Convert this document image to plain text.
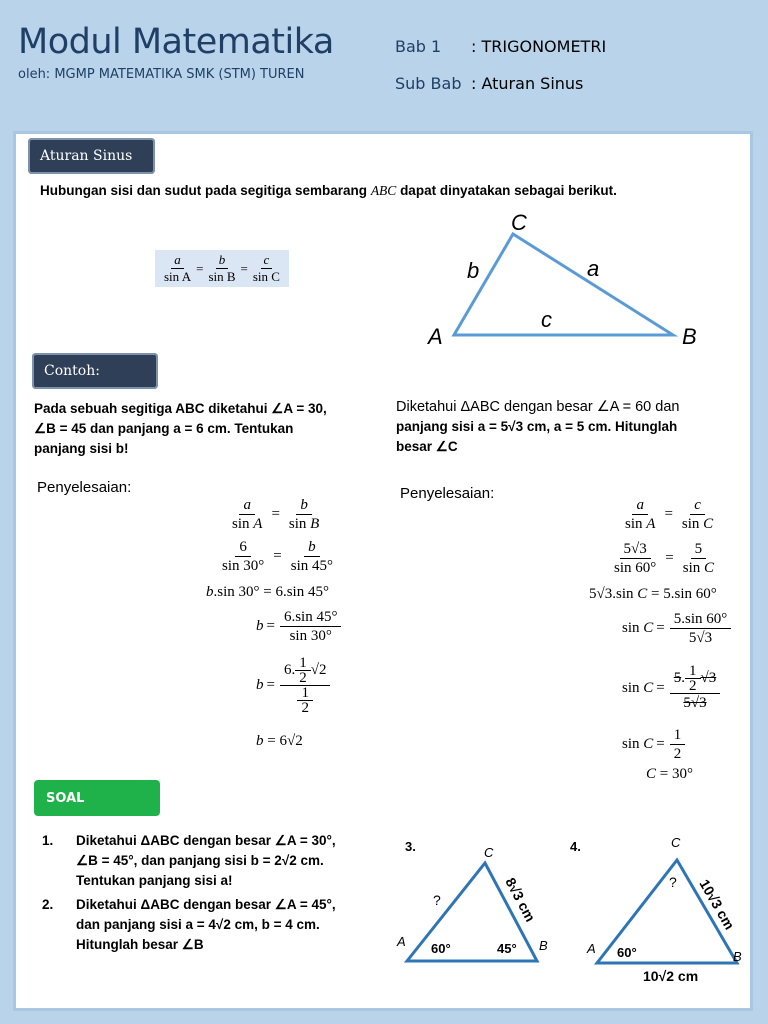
Modul Matematika
oleh: MGMP MATEMATIKA SMK (STM) TUREN
Bab 1 : TRIGONOMETRI
Sub Bab : Aturan Sinus
Aturan Sinus
Hubungan sisi dan sudut pada segitiga sembarang ABC dapat dinyatakan sebagai berikut.
$\frac{a}{\text{sin A}} = \frac{b}{\text{sin B}} = \frac{c}{\text{sin C}}$
C
A	B
a
b
c
Contoh:
Pada sebuah segitiga ABC diketahui ∠A = 30,
∠B = 45 dan panjang a = 6 cm. Tentukan
panjang sisi b!
Penyelesaian:
$\frac{a}{\text{sin A}} = \frac{b}{\text{sin B}}$
$\frac{6}{\sin 30^\circ} = \frac{b}{\sin 45^\circ}$
b.sin 30° = 6.sin 45°
$b = \frac{6.\sin 45^\circ}{\sin 30^\circ}$
$b = \frac{6. \frac{1}{2} √2}{\frac{1}{2}}$
b = 6√2
Diketahui ΔABC dengan besar ∠A = 60 dan
panjang sisi a = 5√3 cm, a = 5 cm. Hitunglah
besar ∠C
Penyelesaian:
$\frac{a}{\text{sin A}} = \frac{c}{\text{sin C}}$
$\frac{5√3}{\sin 60^\circ} = \frac{5}{\text{sin C}}$
5√3.sin C = 5.sin 60°
$\sin C = \frac{5.\sin 60^\circ}{5√3}$
$\sin C = \frac{5. \frac{1}{2} √3}{5√3}$
$\sin C = \frac{1}{2}$
C = 30°
SOAL
1.	Diketahui ΔABC dengan besar ∠A = 30°,
∠B = 45°, dan panjang sisi b = 2√2 cm.
Tentukan panjang sisi a!
2.	Diketahui ΔABC dengan besar ∠A = 45°,
dan panjang sisi a = 4√2 cm, b = 4 cm.
Hitunglah besar ∠B
3.	C
A	B
?
60°	45°
8√3 cm
4.	C
A
B
?
60°
10√3 cm
10√2 cm
